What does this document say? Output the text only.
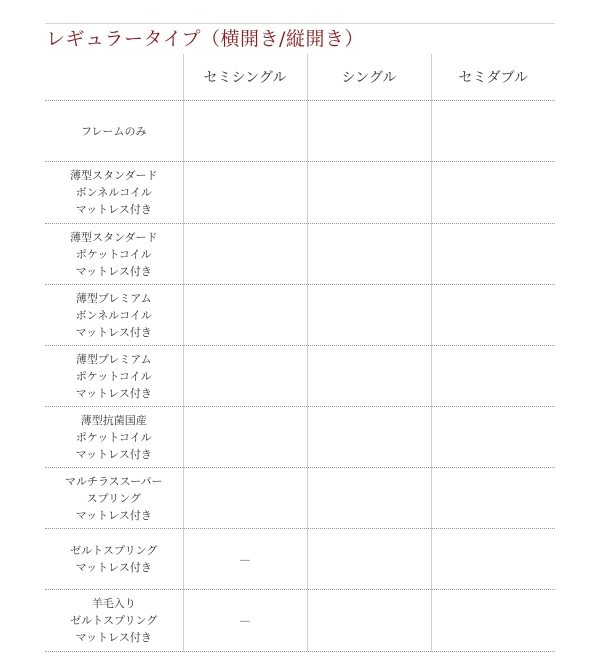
レギュラータイプ（横開き/縦開き）
	セミシングル	シングル	セミダブル

フレームのみ			

薄型スタンダード
ボンネルコイル
マットレス付き			

薄型スタンダード
ポケットコイル
マットレス付き			

薄型プレミアム
ボンネルコイル
マットレス付き			

薄型プレミアム
ポケットコイル
マットレス付き			

薄型抗菌国産
ポケットコイル
マットレス付き			

マルチラススーパー
スプリング
マットレス付き			

ゼルトスプリング
マットレス付き	－		

羊毛入り
ゼルトスプリング
マットレス付き	－		
